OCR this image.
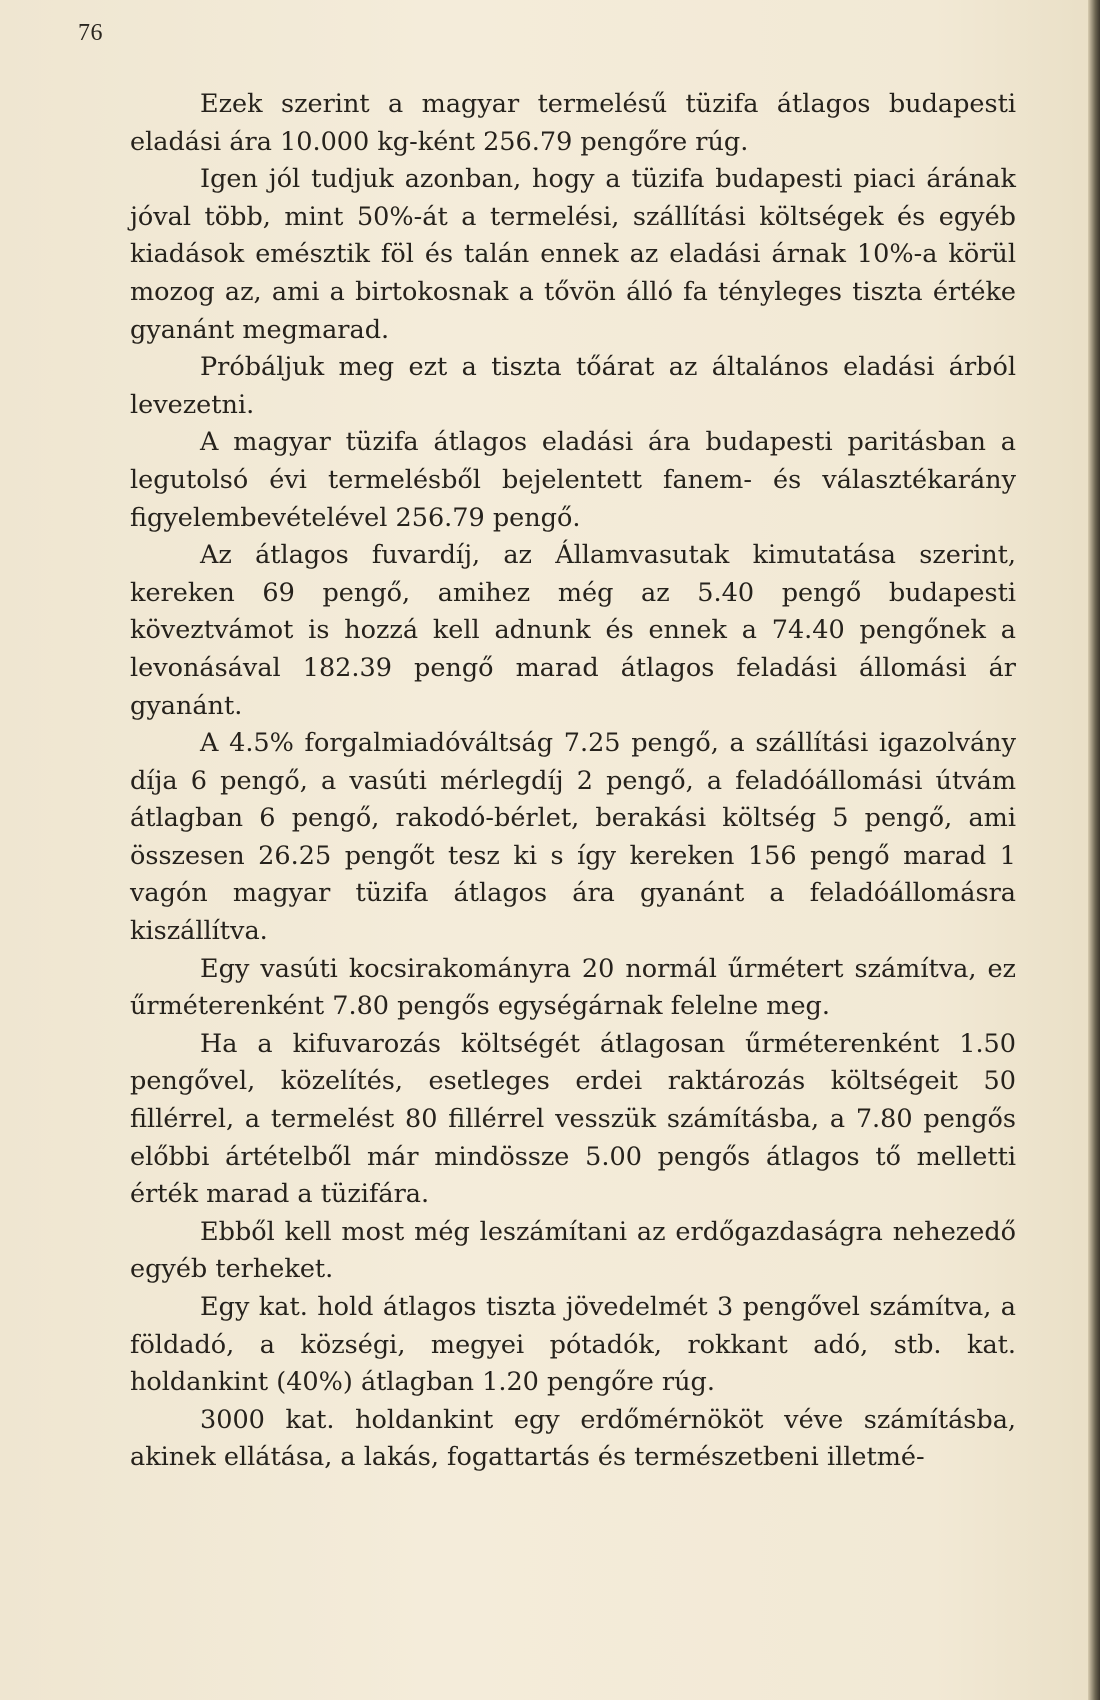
76

Ezek szerint a magyar termelésű tüzifa átlagos budapesti eladási ára 10.000 kg-ként 256.79 pengőre rúg.

Igen jól tudjuk azonban, hogy a tüzifa budapesti piaci árának jóval több, mint 50%-át a termelési, szállítási költségek és egyéb kiadások emésztik föl és talán ennek az eladási árnak 10%-a körül mozog az, ami a birtokosnak a tővön álló fa tényleges tiszta értéke gyanánt megmarad.

Próbáljuk meg ezt a tiszta tőárat az általános eladási árból levezetni.

A magyar tüzifa átlagos eladási ára budapesti paritásban a legutolsó évi termelésből bejelentett fanem- és választékarány figyelembevételével 256.79 pengő.

Az átlagos fuvardíj, az Államvasutak kimutatása szerint, kereken 69 pengő, amihez még az 5.40 pengő budapesti köveztvámot is hozzá kell adnunk és ennek a 74.40 pengőnek a levonásával 182.39 pengő marad átlagos feladási állomási ár gyanánt.

A 4.5% forgalmiadóváltság 7.25 pengő, a szállítási igazolvány díja 6 pengő, a vasúti mérlegdíj 2 pengő, a feladóállomási útvám átlagban 6 pengő, rakodó-bérlet, berakási költség 5 pengő, ami összesen 26.25 pengőt tesz ki s így kereken 156 pengő marad 1 vagón magyar tüzifa átlagos ára gyanánt a feladóállomásra kiszállítva.

Egy vasúti kocsirakományra 20 normál űrmétert számítva, ez űrméterenként 7.80 pengős egységárnak felelne meg.

Ha a kifuvarozás költségét átlagosan űrméterenként 1.50 pengővel, közelítés, esetleges erdei raktározás költségeit 50 fillérrel, a termelést 80 fillérrel vesszük számításba, a 7.80 pengős előbbi ártételből már mindössze 5.00 pengős átlagos tő melletti érték marad a tüzifára.

Ebből kell most még leszámítani az erdőgazdaságra nehezedő egyéb terheket.

Egy kat. hold átlagos tiszta jövedelmét 3 pengővel számítva, a földadó, a községi, megyei pótadók, rokkant adó, stb. kat. holdankint (40%) átlagban 1.20 pengőre rúg.

3000 kat. holdankint egy erdőmérnököt véve számításba, akinek ellátása, a lakás, fogattartás és természetbeni illetmé-
